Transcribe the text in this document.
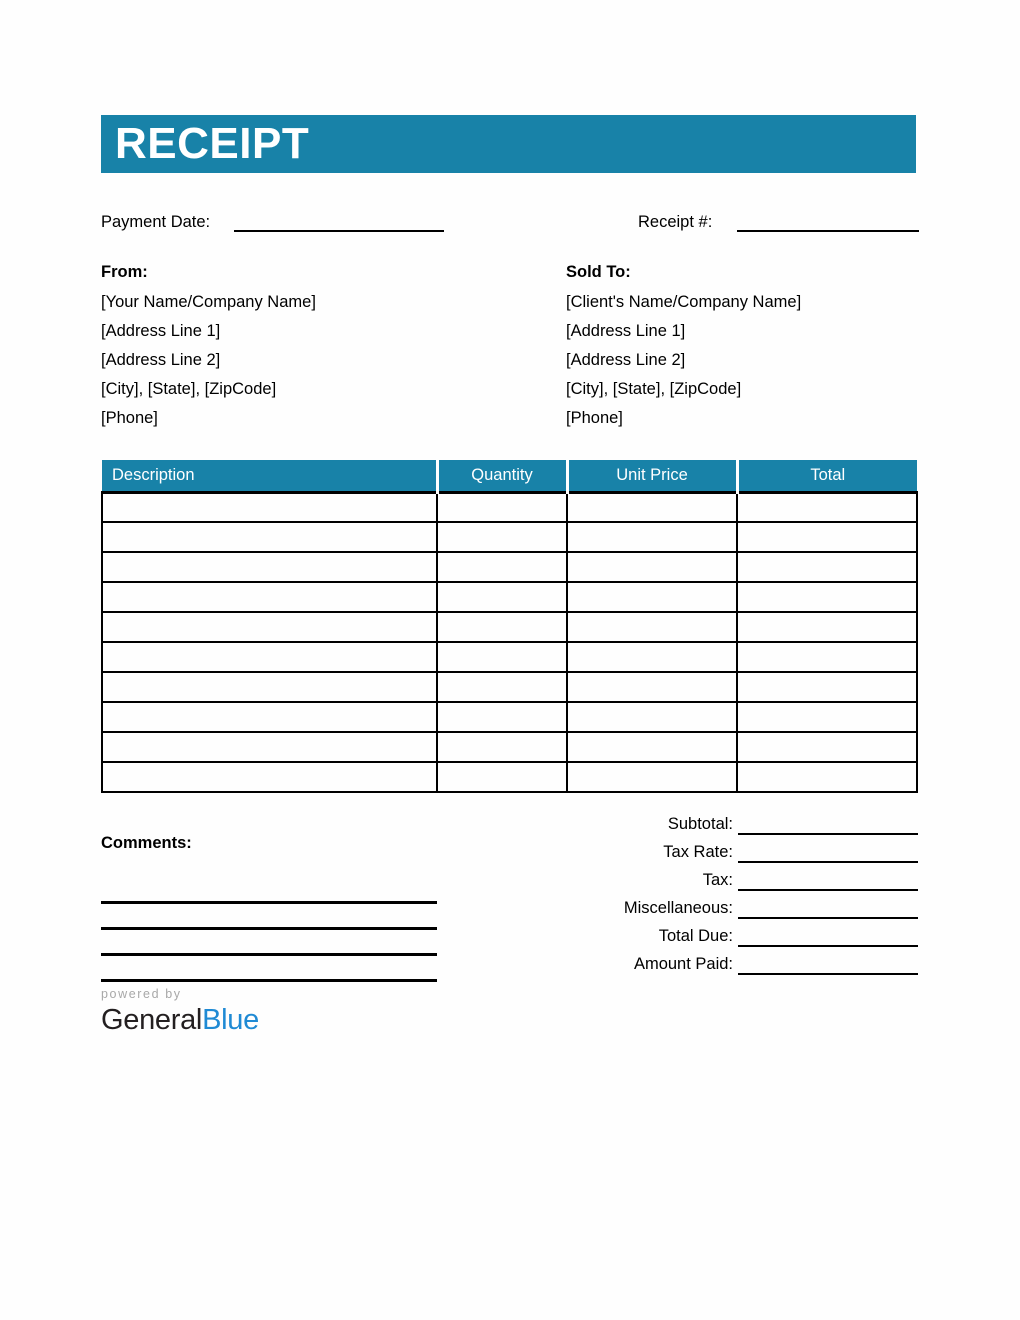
RECEIPT
Payment Date:	Receipt #:
From:
[Your Name/Company Name]
[Address Line 1]
[Address Line 2]
[City], [State], [ZipCode]
[Phone]
Sold To:
[Client's Name/Company Name]
[Address Line 1]
[Address Line 2]
[City], [State], [ZipCode]
[Phone]
Description	Quantity	Unit Price	Total

Comments:
Subtotal:
Tax Rate:
Tax:
Miscellaneous:
Total Due:
Amount Paid:
powered by
GeneralBlue
